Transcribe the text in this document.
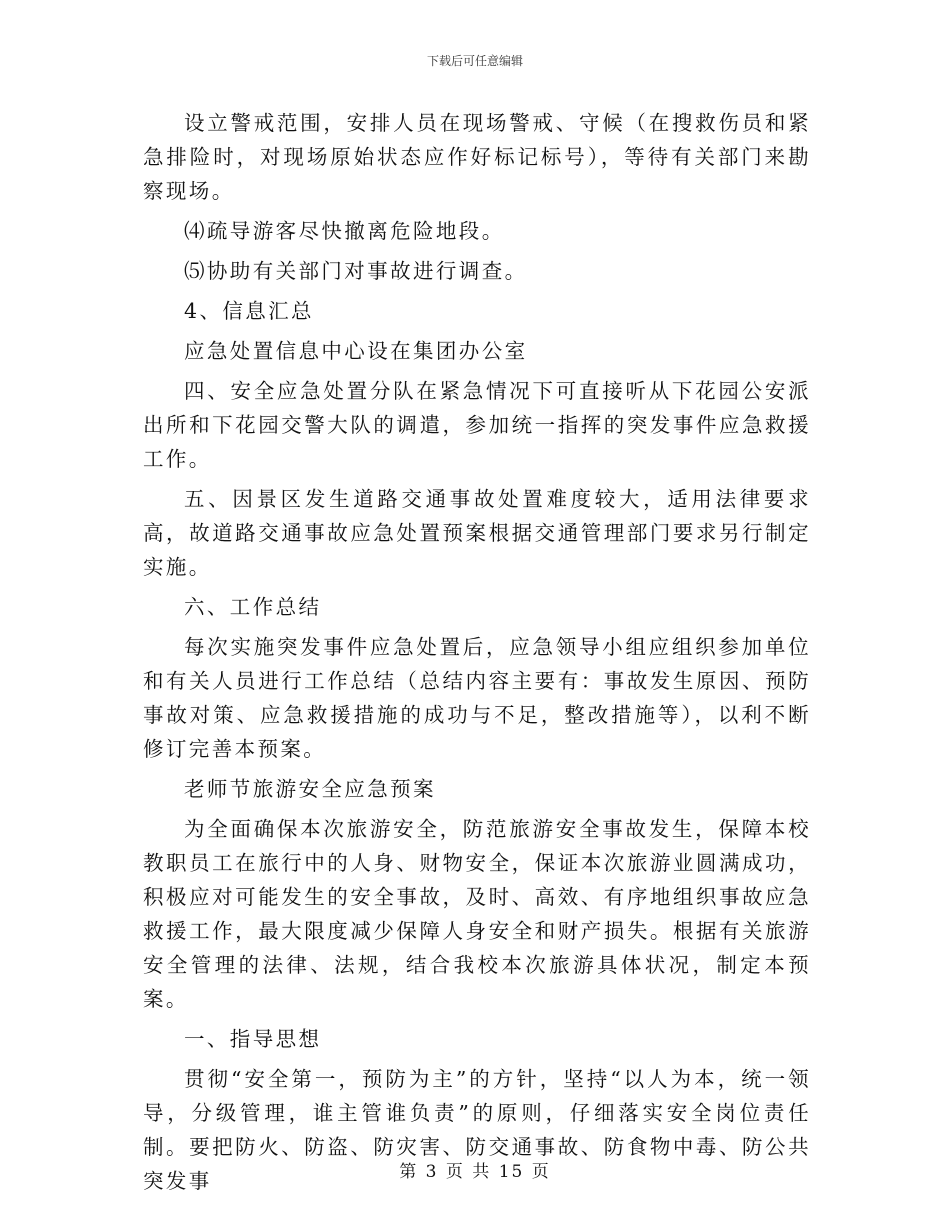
下载后可任意编辑

设立警戒范围，安排人员在现场警戒、守候（在搜救伤员和紧急排险时，对现场原始状态应作好标记标号），等待有关部门来勘察现场。

⑷疏导游客尽快撤离危险地段。

⑸协助有关部门对事故进行调查。

4、信息汇总

应急处置信息中心设在集团办公室

四、安全应急处置分队在紧急情况下可直接听从下花园公安派出所和下花园交警大队的调遣，参加统一指挥的突发事件应急救援工作。

五、因景区发生道路交通事故处置难度较大，适用法律要求高，故道路交通事故应急处置预案根据交通管理部门要求另行制定实施。

六、工作总结

每次实施突发事件应急处置后，应急领导小组应组织参加单位和有关人员进行工作总结（总结内容主要有：事故发生原因、预防事故对策、应急救援措施的成功与不足，整改措施等），以利不断修订完善本预案。

老师节旅游安全应急预案

为全面确保本次旅游安全，防范旅游安全事故发生，保障本校教职员工在旅行中的人身、财物安全，保证本次旅游业圆满成功，积极应对可能发生的安全事故，及时、高效、有序地组织事故应急救援工作，最大限度减少保障人身安全和财产损失。根据有关旅游安全管理的法律、法规，结合我校本次旅游具体状况，制定本预案。

一、指导思想

贯彻“安全第一，预防为主”的方针，坚持“以人为本，统一领导，分级管理，谁主管谁负责”的原则，仔细落实安全岗位责任制。要把防火、防盗、防灾害、防交通事故、防食物中毒、防公共突发事	第 3 页 共 15 页
